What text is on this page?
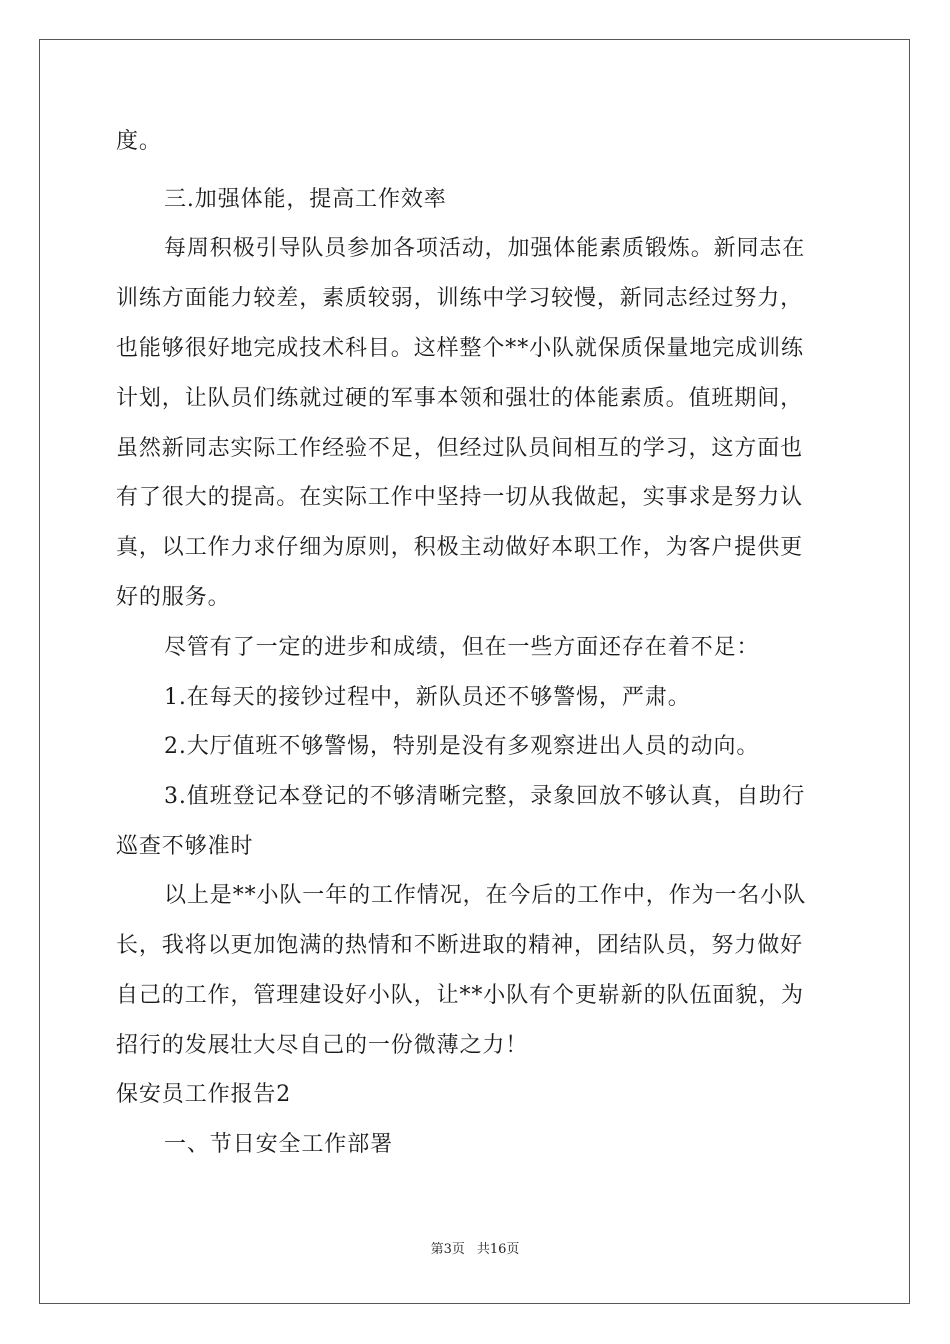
度。
三.加强体能，提高工作效率
每周积极引导队员参加各项活动，加强体能素质锻炼。新同志在
训练方面能力较差，素质较弱，训练中学习较慢，新同志经过努力，
也能够很好地完成技术科目。这样整个**小队就保质保量地完成训练
计划，让队员们练就过硬的军事本领和强壮的体能素质。值班期间，
虽然新同志实际工作经验不足，但经过队员间相互的学习，这方面也
有了很大的提高。在实际工作中坚持一切从我做起，实事求是努力认
真，以工作力求仔细为原则，积极主动做好本职工作，为客户提供更
好的服务。
尽管有了一定的进步和成绩，但在一些方面还存在着不足：
1.在每天的接钞过程中，新队员还不够警惕，严肃。
2.大厅值班不够警惕，特别是没有多观察进出人员的动向。
3.值班登记本登记的不够清晰完整，录象回放不够认真，自助行
巡查不够准时
以上是**小队一年的工作情况，在今后的工作中，作为一名小队
长，我将以更加饱满的热情和不断进取的精神，团结队员，努力做好
自己的工作，管理建设好小队，让**小队有个更崭新的队伍面貌，为
招行的发展壮大尽自己的一份微薄之力！
保安员工作报告2
一、节日安全工作部署
第3页 共16页
